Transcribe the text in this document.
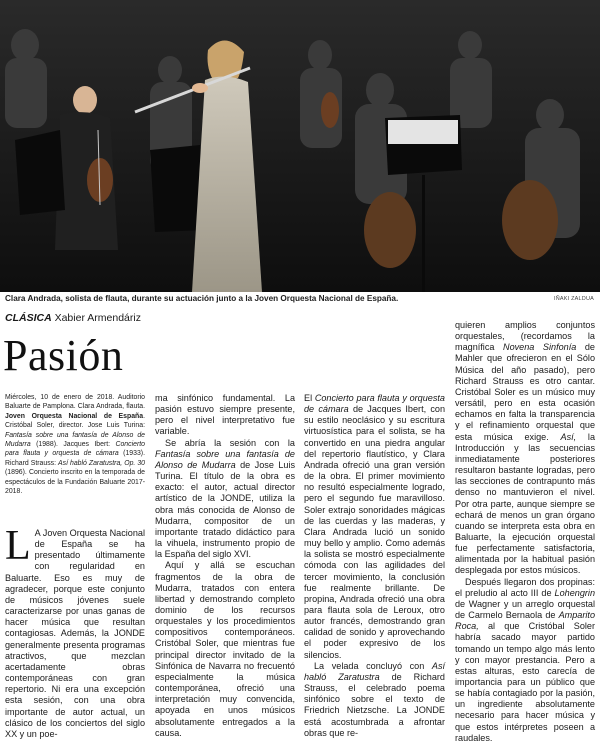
Clara Andrada, solista de flauta, durante su actuación junto a la Joven Orquesta Nacional de España.	IÑAKI ZALDUA
CLÁSICA Xabier Armendáriz
Pasión

Miércoles, 10 de enero de 2018. Auditorio Baluarte de Pamplona. Clara Andrada, flauta. Joven Orquesta Nacional de España. Cristóbal Soler, director. Jose Luis Turina: Fantasía sobre una fantasía de Alonso de Mudarra (1988). Jacques Ibert: Concierto para flauta y orquesta de cámara (1933). Richard Strauss: Así habló Zaratustra, Op. 30 (1896). Concierto inscrito en la temporada de espectáculos de la Fundación Baluarte 2017-2018.

L A Joven Orquesta Nacional de España se ha presentado últimamente con regularidad en Baluarte. Eso es muy de agradecer, porque este conjunto de músicos jóvenes suele caracterizarse por unas ganas de hacer música que resultan contagiosas. Además, la JONDE generalmente presenta programas atractivos, que mezclan acertadamente obras contemporáneas con gran repertorio. Ni era una excepción esta sesión, con una obra importante de autor actual, un clásico de los conciertos del siglo XX y un poe-

ma sinfónico fundamental. La pasión estuvo siempre presente, pero el nivel interpretativo fue variable.

Se abría la sesión con la Fantasía sobre una fantasía de Alonso de Mudarra de Jose Luis Turina. El título de la obra es exacto: el autor, actual director artístico de la JONDE, utiliza la obra más conocida de Alonso de Mudarra, compositor de un importante tratado didáctico para la vihuela, instrumento propio de la España del siglo XVI.

Aquí y allá se escuchan fragmentos de la obra de Mudarra, tratados con entera libertad y demostrando completo dominio de los recursos orquestales y los procedimientos compositivos contemporáneos. Cristóbal Soler, que mientras fue principal director invitado de la Sinfónica de Navarra no frecuentó especialmente la música contemporánea, ofreció una interpretación muy convencida, apoyada en unos músicos absolutamente entregados a la causa.

El Concierto para flauta y orquesta de cámara de Jacques Ibert, con su estilo neoclásico y su escritura virtuosística para el solista, se ha convertido en una piedra angular del repertorio flautístico, y Clara Andrada ofreció una gran versión de la obra. El primer movimiento no resultó especialmente logrado, pero el segundo fue maravilloso. Soler extrajo sonoridades mágicas de las cuerdas y las maderas, y Clara Andrada lució un sonido muy bello y amplio. Como además la solista se mostró especialmente cómoda con las agilidades del tercer movimiento, la conclusión fue realmente brillante. De propina, Andrada ofreció una obra para flauta sola de Leroux, otro autor francés, demostrando gran calidad de sonido y aprovechando el poder expresivo de los silencios.

La velada concluyó con Así habló Zaratustra de Richard Strauss, el celebrado poema sinfónico sobre el texto de Friedrich Nietzsche. La JONDE está acostumbrada a afrontar obras que re-

quieren amplios conjuntos orquestales, (recordamos la magnífica Novena Sinfonía de Mahler que ofrecieron en el Sólo Música del año pasado), pero Richard Strauss es otro cantar. Cristóbal Soler es un músico muy versátil, pero en esta ocasión echamos en falta la transparencia y el refinamiento orquestal que esta música exige. Así, la Introducción y las secuencias inmediatamente posteriores resultaron bastante logradas, pero las secciones de contrapunto más denso no mantuvieron el nivel. Por otra parte, aunque siempre se echará de menos un gran órgano cuando se interpreta esta obra en Baluarte, la ejecución orquestal fue perfectamente satisfactoria, alimentada por la habitual pasión desplegada por estos músicos.

Después llegaron dos propinas: el preludio al acto III de Lohengrin de Wagner y un arreglo orquestal de Carmelo Bernaola de Amparito Roca, al que Cristóbal Soler habría sacado mayor partido tomando un tempo algo más lento y con mayor prestancia. Pero a estas alturas, esto carecía de importancia para un público que se había contagiado por la pasión, un ingrediente absolutamente necesario para hacer música y que estos intérpretes poseen a raudales.
